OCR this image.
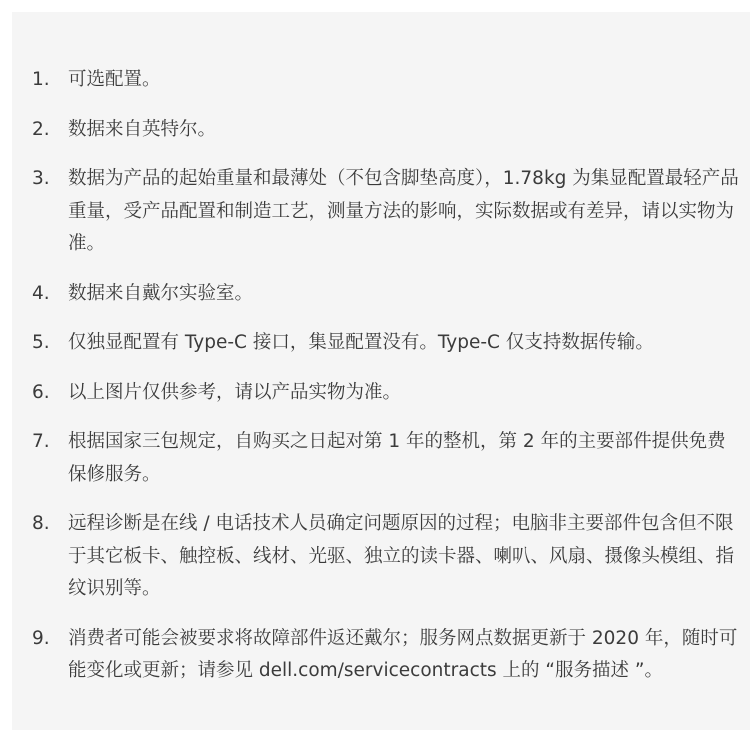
1. 可选配置。
2. 数据来自英特尔。
3. 数据为产品的起始重量和最薄处（不包含脚垫高度），1.78kg 为集显配置最轻产品重量，受产品配置和制造工艺，测量方法的影响，实际数据或有差异，请以实物为准。
4. 数据来自戴尔实验室。
5. 仅独显配置有 Type-C 接口，集显配置没有。Type-C 仅支持数据传输。
6. 以上图片仅供参考，请以产品实物为准。
7. 根据国家三包规定，自购买之日起对第 1 年的整机，第 2 年的主要部件提供免费保修服务。
8. 远程诊断是在线 / 电话技术人员确定问题原因的过程；电脑非主要部件包含但不限于其它板卡、触控板、线材、光驱、独立的读卡器、喇叭、风扇、摄像头模组、指纹识别等。
9. 消费者可能会被要求将故障部件返还戴尔；服务网点数据更新于 2020 年，随时可能变化或更新；请参见 dell.com/servicecontracts 上的 “服务描述 ”。
